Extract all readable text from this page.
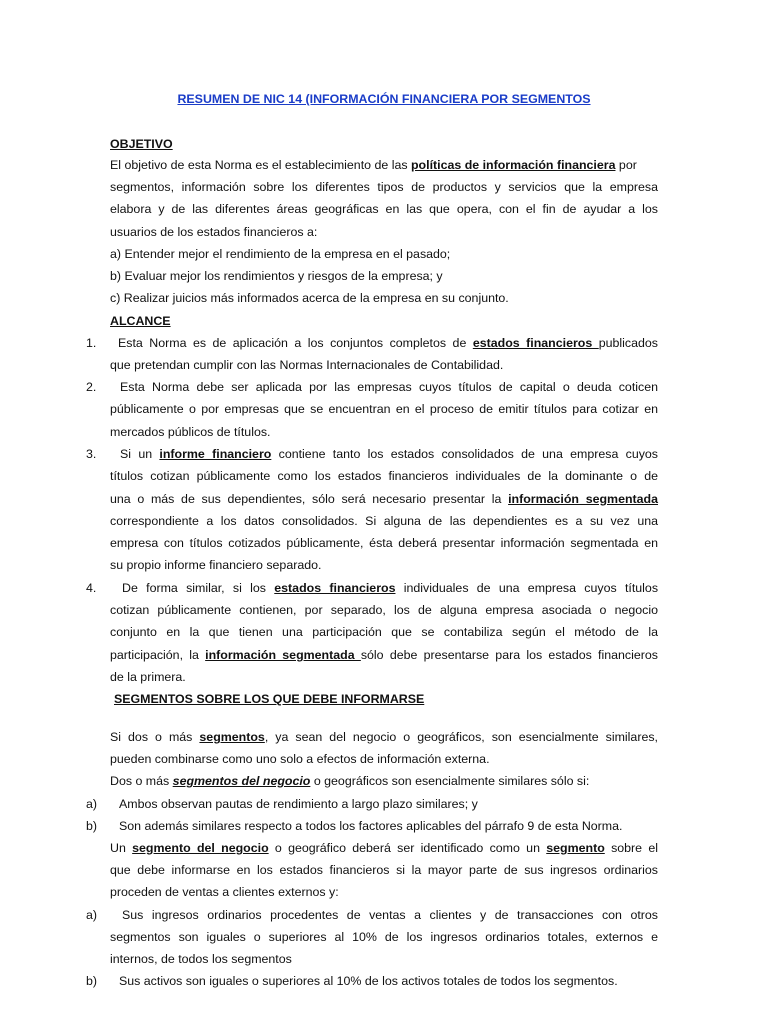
RESUMEN DE NIC 14 (INFORMACIÓN FINANCIERA POR SEGMENTOS
OBJETIVO
El objetivo de esta Norma es el establecimiento de las políticas de información financiera por
segmentos, información sobre los diferentes tipos de productos y servicios que la empresa
elabora y de las diferentes áreas geográficas en las que opera, con el fin de ayudar a los
usuarios de los estados financieros a:
a) Entender mejor el rendimiento de la empresa en el pasado;
b) Evaluar mejor los rendimientos y riesgos de la empresa; y
c) Realizar juicios más informados acerca de la empresa en su conjunto.
ALCANCE
1. Esta Norma es de aplicación a los conjuntos completos de estados financieros publicados
que pretendan cumplir con las Normas Internacionales de Contabilidad.
2. Esta Norma debe ser aplicada por las empresas cuyos títulos de capital o deuda coticen
públicamente o por empresas que se encuentran en el proceso de emitir títulos para cotizar en
mercados públicos de títulos.
3. Si un informe financiero contiene tanto los estados consolidados de una empresa cuyos
títulos cotizan públicamente como los estados financieros individuales de la dominante o de
una o más de sus dependientes, sólo será necesario presentar la información segmentada
correspondiente a los datos consolidados. Si alguna de las dependientes es a su vez una
empresa con títulos cotizados públicamente, ésta deberá presentar información segmentada en
su propio informe financiero separado.
4. De forma similar, si los estados financieros individuales de una empresa cuyos títulos
cotizan públicamente contienen, por separado, los de alguna empresa asociada o negocio
conjunto en la que tienen una participación que se contabiliza según el método de la
participación, la información segmentada sólo debe presentarse para los estados financieros
de la primera.
SEGMENTOS SOBRE LOS QUE DEBE INFORMARSE
Si dos o más segmentos, ya sean del negocio o geográficos, son esencialmente similares,
pueden combinarse como uno solo a efectos de información externa.
Dos o más segmentos del negocio o geográficos son esencialmente similares sólo si:
a) Ambos observan pautas de rendimiento a largo plazo similares; y
b) Son además similares respecto a todos los factores aplicables del párrafo 9 de esta Norma.
Un segmento del negocio o geográfico deberá ser identificado como un segmento sobre el
que debe informarse en los estados financieros si la mayor parte de sus ingresos ordinarios
proceden de ventas a clientes externos y:
a) Sus ingresos ordinarios procedentes de ventas a clientes y de transacciones con otros
segmentos son iguales o superiores al 10% de los ingresos ordinarios totales, externos e
internos, de todos los segmentos
b) Sus activos son iguales o superiores al 10% de los activos totales de todos los segmentos.
